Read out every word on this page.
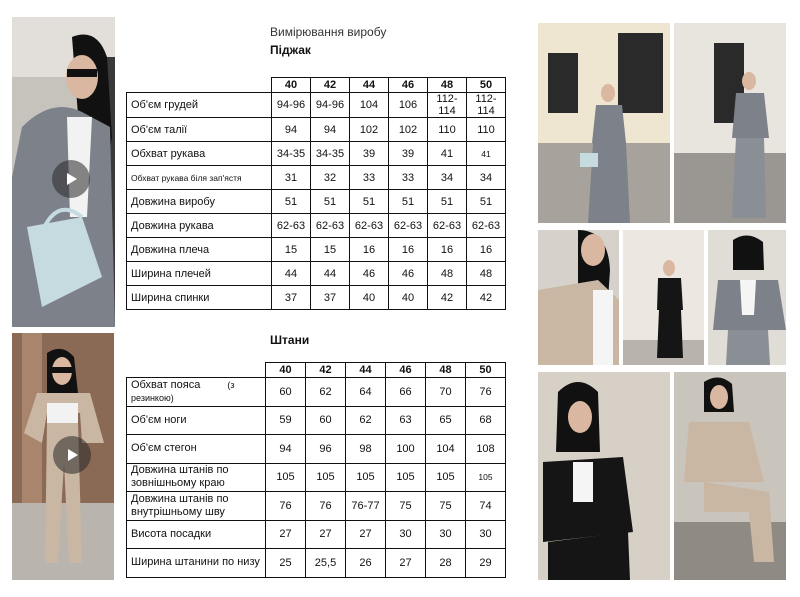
Вимірювання виробу
Піджак
	40	42	44	46	48	50
Об'єм грудей	94-96	94-96	104	106	112-114	112-114
Об'єм талії	94	94	102	102	110	110
Обхват рукава	34-35	34-35	39	39	41	41
Обхват рукава біля зап'ястя	31	32	33	33	34	34
Довжина виробу	51	51	51	51	51	51
Довжина рукава	62-63	62-63	62-63	62-63	62-63	62-63
Довжина плеча	15	15	16	16	16	16
Ширина плечей	44	44	46	46	48	48
Ширина спинки	37	37	40	40	42	42
Штани
	40	42	44	46	48	50
Обхват пояса (з резинкою)	60	62	64	66	70	76
Об'єм ноги	59	60	62	63	65	68
Об'єм стегон	94	96	98	100	104	108
Довжина штанів по зовнішньому краю	105	105	105	105	105	105
Довжина штанів по внутрішньому шву	76	76	76-77	75	75	74
Висота посадки	27	27	27	30	30	30
Ширина штанини по низу	25	25,5	26	27	28	29
